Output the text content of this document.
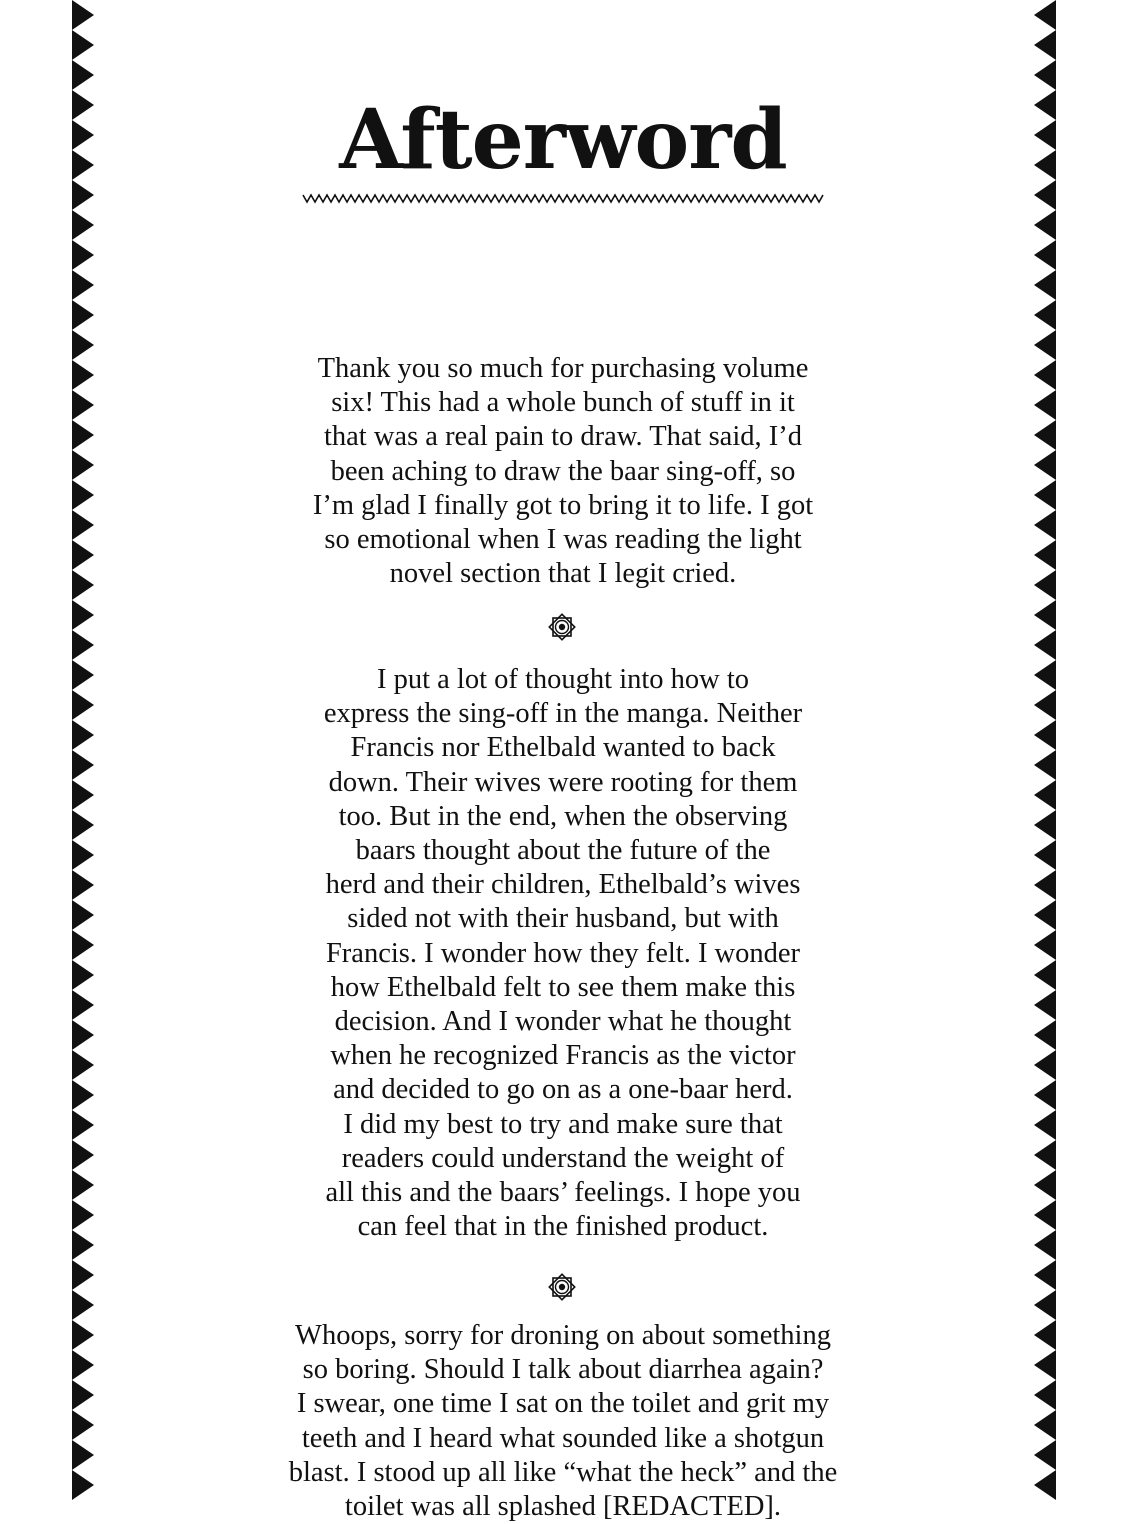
Afterword
Thank you so much for purchasing volume
six! This had a whole bunch of stuff in it
that was a real pain to draw. That said, I’d
been aching to draw the baar sing-off, so
I’m glad I finally got to bring it to life. I got
so emotional when I was reading the light
novel section that I legit cried.
I put a lot of thought into how to
express the sing-off in the manga. Neither
Francis nor Ethelbald wanted to back
down. Their wives were rooting for them
too. But in the end, when the observing
baars thought about the future of the
herd and their children, Ethelbald’s wives
sided not with their husband, but with
Francis. I wonder how they felt. I wonder
how Ethelbald felt to see them make this
decision. And I wonder what he thought
when he recognized Francis as the victor
and decided to go on as a one-baar herd.
I did my best to try and make sure that
readers could understand the weight of
all this and the baars’ feelings. I hope you
can feel that in the finished product.
Whoops, sorry for droning on about something
so boring. Should I talk about diarrhea again?
I swear, one time I sat on the toilet and grit my
teeth and I heard what sounded like a shotgun
blast. I stood up all like “what the heck” and the
toilet was all splashed [REDACTED].
